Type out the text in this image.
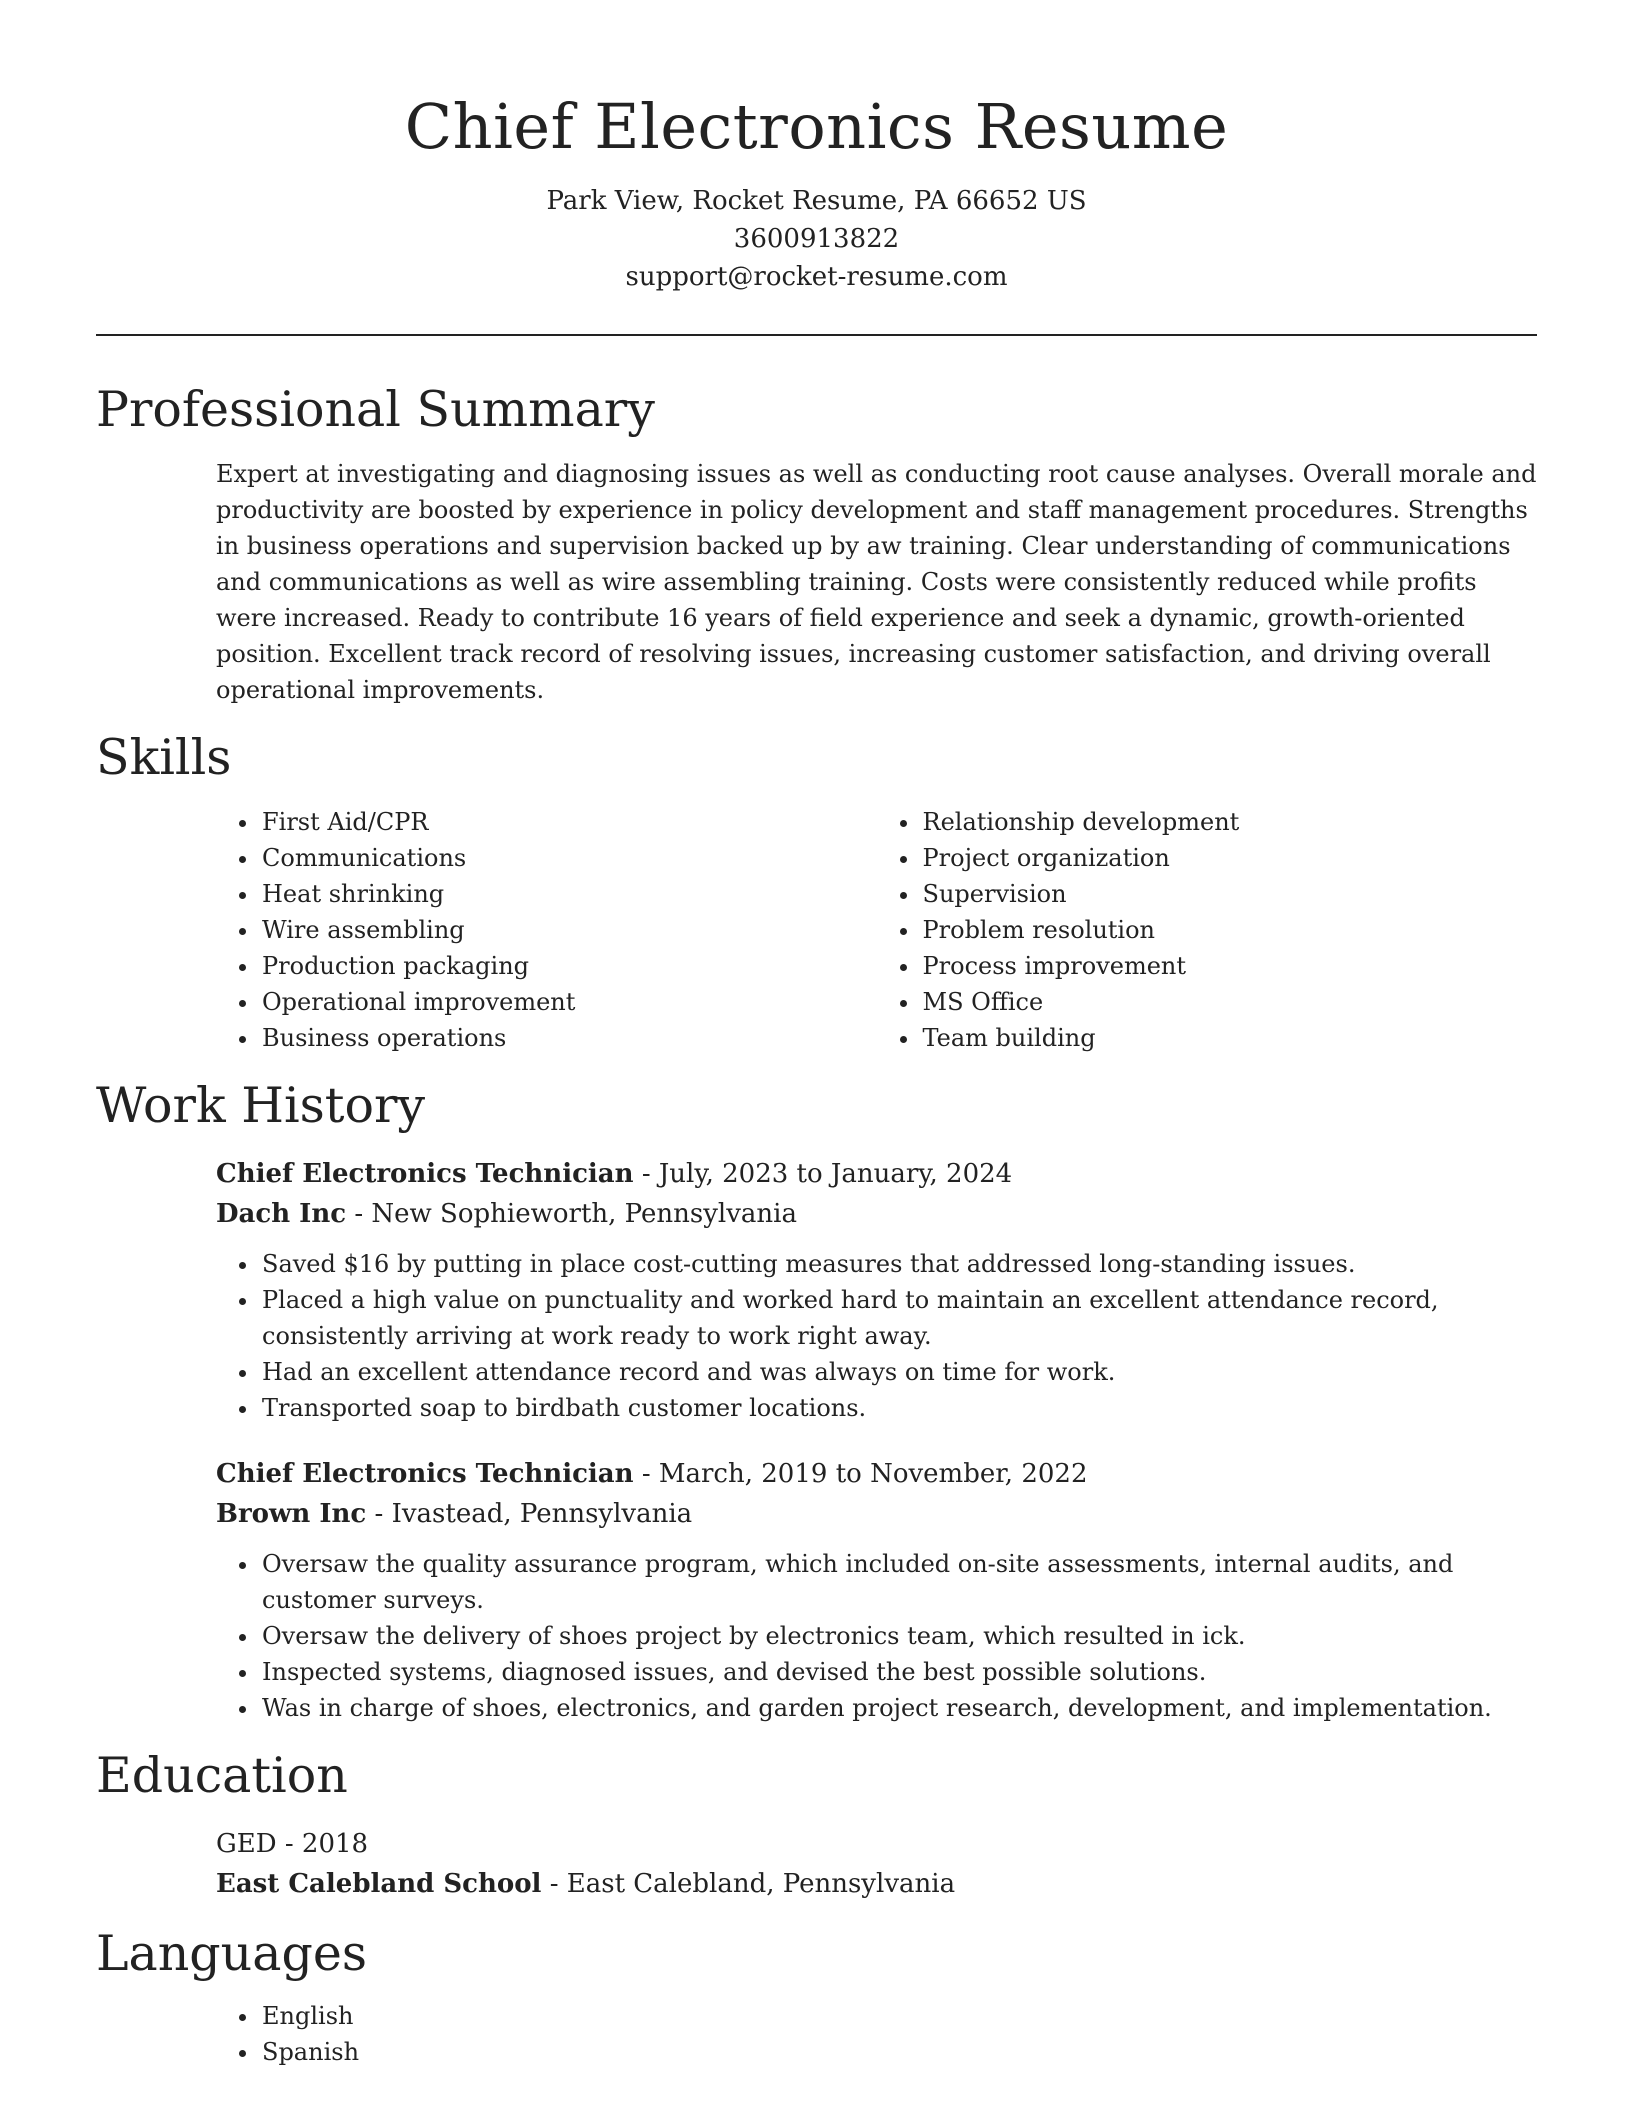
Chief Electronics Resume
Park View, Rocket Resume, PA 66652 US
3600913822
support@rocket-resume.com
Professional Summary

Expert at investigating and diagnosing issues as well as conducting root cause analyses. Overall morale and productivity are boosted by experience in policy development and staff management procedures. Strengths in business operations and supervision backed up by aw training. Clear understanding of communications and communications as well as wire assembling training. Costs were consistently reduced while profits were increased. Ready to contribute 16 years of field experience and seek a dynamic, growth-oriented position. Excellent track record of resolving issues, increasing customer satisfaction, and driving overall operational improvements.

Skills
• First Aid/CPR
• Communications
• Heat shrinking
• Wire assembling
• Production packaging
• Operational improvement
• Business operations
• Relationship development
• Project organization
• Supervision
• Problem resolution
• Process improvement
• MS Office
• Team building
Work History
Chief Electronics Technician - July, 2023 to January, 2024
Dach Inc - New Sophieworth, Pennsylvania
• Saved $16 by putting in place cost-cutting measures that addressed long-standing issues.
• Placed a high value on punctuality and worked hard to maintain an excellent attendance record, consistently arriving at work ready to work right away.
• Had an excellent attendance record and was always on time for work.
• Transported soap to birdbath customer locations.
Chief Electronics Technician - March, 2019 to November, 2022
Brown Inc - Ivastead, Pennsylvania
• Oversaw the quality assurance program, which included on-site assessments, internal audits, and customer surveys.
• Oversaw the delivery of shoes project by electronics team, which resulted in ick.
• Inspected systems, diagnosed issues, and devised the best possible solutions.
• Was in charge of shoes, electronics, and garden project research, development, and implementation.
Education
GED - 2018
East Calebland School - East Calebland, Pennsylvania
Languages
• English
• Spanish
